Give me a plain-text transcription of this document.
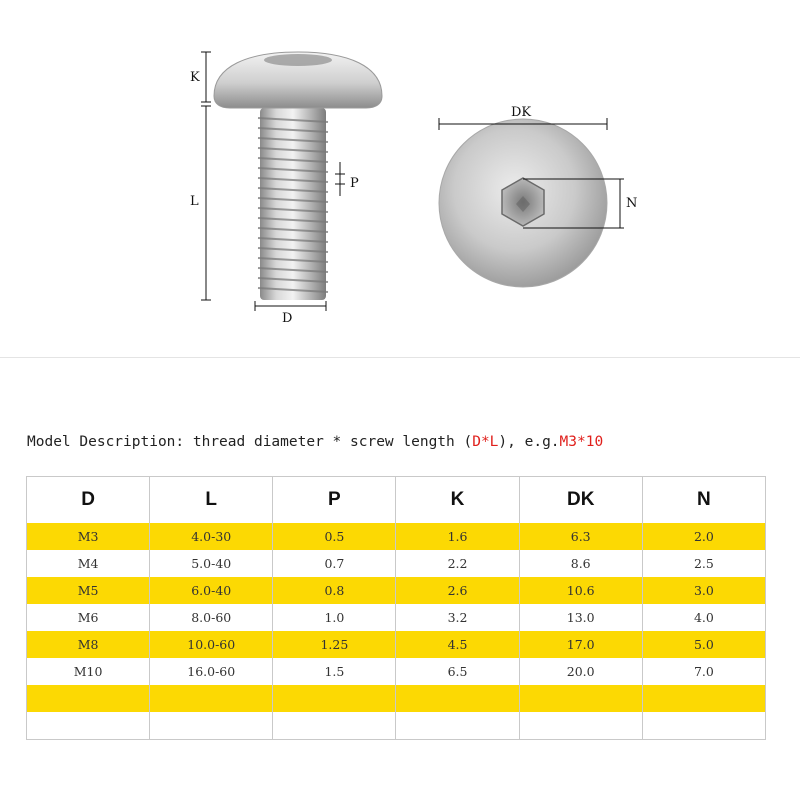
K
L
P
D
DK
N
Model Description: thread diameter * screw length (D*L), e.g.M3*10
D	L	P	K	DK	N
M3	4.0-30	0.5	1.6	6.3	2.0
M4	5.0-40	0.7	2.2	8.6	2.5
M5	6.0-40	0.8	2.6	10.6	3.0
M6	8.0-60	1.0	3.2	13.0	4.0
M8	10.0-60	1.25	4.5	17.0	5.0
M10	16.0-60	1.5	6.5	20.0	7.0
